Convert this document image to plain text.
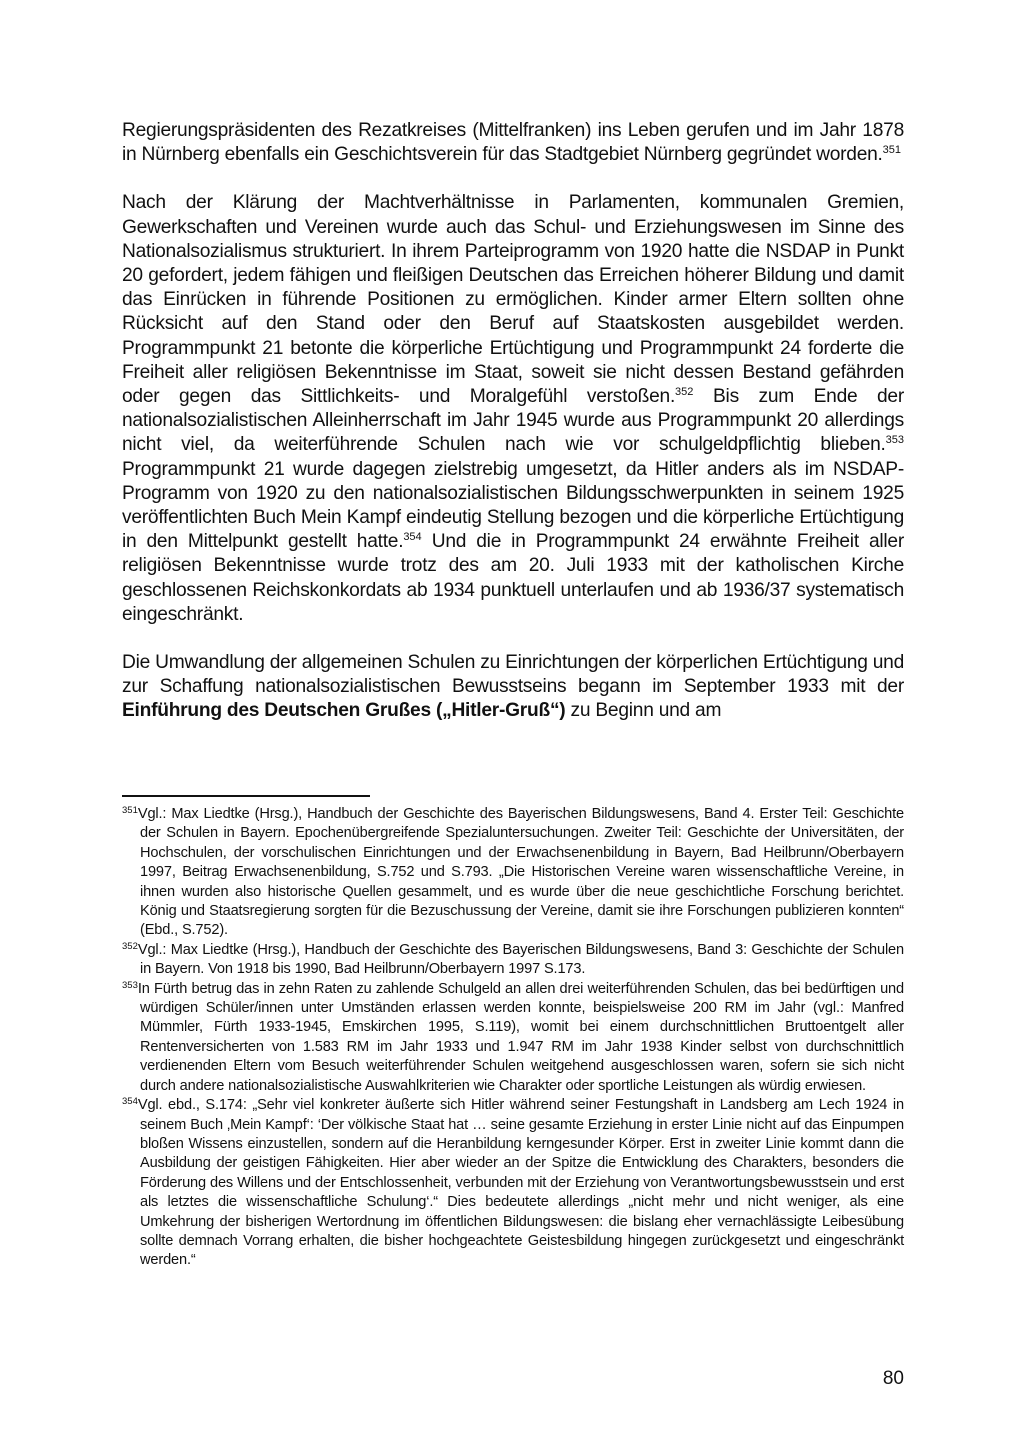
Regierungspräsidenten des Rezatkreises (Mittelfranken) ins Leben gerufen und im Jahr 1878 in Nürnberg ebenfalls ein Geschichtsverein für das Stadtgebiet Nürnberg gegründet worden.$^{351}$

Nach der Klärung der Machtverhältnisse in Parlamenten, kommunalen Gremien, Gewerkschaften und Vereinen wurde auch das Schul- und Erziehungswesen im Sinne des Nationalsozialismus strukturiert. In ihrem Parteiprogramm von 1920 hatte die NSDAP in Punkt 20 gefordert, jedem fähigen und fleißigen Deutschen das Erreichen höherer Bildung und damit das Einrücken in führende Positionen zu ermöglichen. Kinder armer Eltern sollten ohne Rücksicht auf den Stand oder den Beruf auf Staatskosten ausgebildet werden. Programmpunkt 21 betonte die körperliche Ertüchtigung und Programmpunkt 24 forderte die Freiheit aller religiösen Bekenntnisse im Staat, soweit sie nicht dessen Bestand gefährden oder gegen das Sittlichkeits- und Moralgefühl verstoßen.$^{352}$ Bis zum Ende der nationalsozialistischen Alleinherrschaft im Jahr 1945 wurde aus Programmpunkt 20 allerdings nicht viel, da weiterführende Schulen nach wie vor schulgeldpflichtig blieben.$^{353}$ Programmpunkt 21 wurde dagegen zielstrebig umgesetzt, da Hitler anders als im NSDAP-Programm von 1920 zu den nationalsozialistischen Bildungsschwerpunkten in seinem 1925 veröffentlichten Buch Mein Kampf eindeutig Stellung bezogen und die körperliche Ertüchtigung in den Mittelpunkt gestellt hatte.$^{354}$ Und die in Programmpunkt 24 erwähnte Freiheit aller religiösen Bekenntnisse wurde trotz des am 20. Juli 1933 mit der katholischen Kirche geschlossenen Reichskonkordats ab 1934 punktuell unterlaufen und ab 1936/37 systematisch eingeschränkt.

Die Umwandlung der allgemeinen Schulen zu Einrichtungen der körperlichen Ertüchtigung und zur Schaffung nationalsozialistischen Bewusstseins begann im September 1933 mit der Einführung des Deutschen Grußes („Hitler-Gruß“) zu Beginn und am

$^{351}$Vgl.: Max Liedtke (Hrsg.), Handbuch der Geschichte des Bayerischen Bildungswesens, Band 4. Erster Teil: Geschichte der Schulen in Bayern. Epochenübergreifende Spezialuntersuchungen. Zweiter Teil: Geschichte der Universitäten, der Hochschulen, der vorschulischen Einrichtungen und der Erwachsenenbildung in Bayern, Bad Heilbrunn/Oberbayern 1997, Beitrag Erwachsenenbildung, S.752 und S.793. „Die Historischen Vereine waren wissenschaftliche Vereine, in ihnen wurden also historische Quellen gesammelt, und es wurde über die neue geschichtliche Forschung berichtet. König und Staatsregierung sorgten für die Bezuschussung der Vereine, damit sie ihre Forschungen publizieren konnten“ (Ebd., S.752).

$^{352}$Vgl.: Max Liedtke (Hrsg.), Handbuch der Geschichte des Bayerischen Bildungswesens, Band 3: Geschichte der Schulen in Bayern. Von 1918 bis 1990, Bad Heilbrunn/Oberbayern 1997 S.173.

$^{353}$In Fürth betrug das in zehn Raten zu zahlende Schulgeld an allen drei weiterführenden Schulen, das bei bedürftigen und würdigen Schüler/innen unter Umständen erlassen werden konnte, beispielsweise 200 RM im Jahr (vgl.: Manfred Mümmler, Fürth 1933-1945, Emskirchen 1995, S.119), womit bei einem durchschnittlichen Bruttoentgelt aller Rentenversicherten von 1.583 RM im Jahr 1933 und 1.947 RM im Jahr 1938 Kinder selbst von durchschnittlich verdienenden Eltern vom Besuch weiterführender Schulen weitgehend ausgeschlossen waren, sofern sie sich nicht durch andere nationalsozialistische Auswahlkriterien wie Charakter oder sportliche Leistungen als würdig erwiesen.

$^{354}$Vgl. ebd., S.174: „Sehr viel konkreter äußerte sich Hitler während seiner Festungshaft in Landsberg am Lech 1924 in seinem Buch ‚Mein Kampf‘: ‘Der völkische Staat hat … seine gesamte Erziehung in erster Linie nicht auf das Einpumpen bloßen Wissens einzustellen, sondern auf die Heranbildung kerngesunder Körper. Erst in zweiter Linie kommt dann die Ausbildung der geistigen Fähigkeiten. Hier aber wieder an der Spitze die Entwicklung des Charakters, besonders die Förderung des Willens und der Entschlossenheit, verbunden mit der Erziehung von Verantwortungsbewusstsein und erst als letztes die wissenschaftliche Schulung‘.“ Dies bedeutete allerdings „nicht mehr und nicht weniger, als eine Umkehrung der bisherigen Wertordnung im öffentlichen Bildungswesen: die bislang eher vernachlässigte Leibesübung sollte demnach Vorrang erhalten, die bisher hochgeachtete Geistesbildung hingegen zurückgesetzt und eingeschränkt werden.“

80
